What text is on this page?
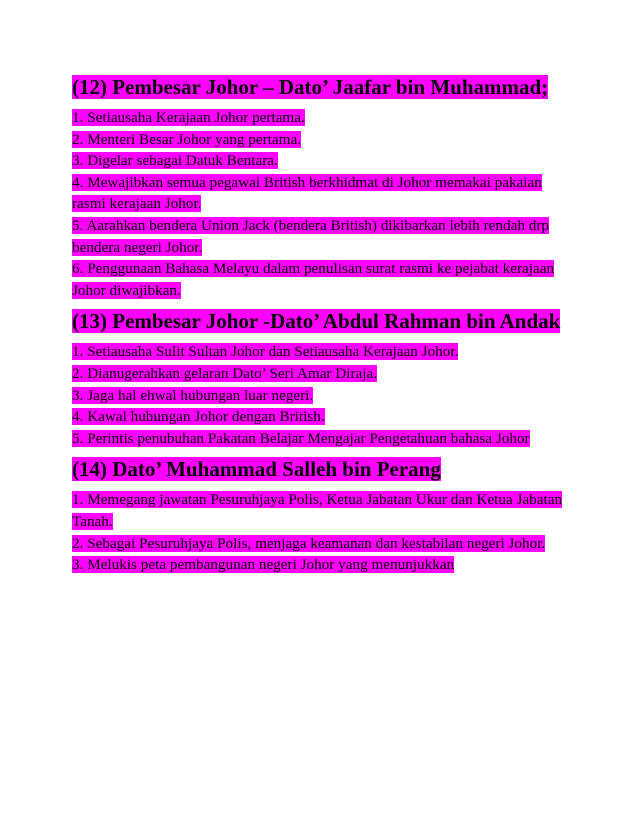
(12) Pembesar Johor – Dato’ Jaafar bin Muhammad;
1. Setiausaha Kerajaan Johor pertama.
2. Menteri Besar Johor yang pertama.
3. Digelar sebagai Datuk Bentara.
4. Mewajibkan semua pegawai British berkhidmat di Johor memakai pakaian rasmi kerajaan Johor.
5. Aarahkan bendera Union Jack (bendera British) dikibarkan lebih rendah drp bendera negeri Johor.
6. Penggunaan Bahasa Melayu dalam penulisan surat rasmi ke pejabat kerajaan Johor diwajibkan.
(13) Pembesar Johor -Dato’ Abdul Rahman bin Andak
1. Setiausaha Sulit Sultan Johor dan Setiausaha Kerajaan Johor.
2. Dianugerahkan gelaran Dato’ Seri Amar Diraja.
3. Jaga hal ehwal hubungan luar negeri.
4. Kawal hubungan Johor dengan British.
5. Perintis penubuhan Pakatan Belajar Mengajar Pengetahuan bahasa Johor
(14) Dato’ Muhammad Salleh bin Perang
1. Memegang jawatan Pesuruhjaya Polis, Ketua Jabatan Ukur dan Ketua Jabatan Tanah.
2. Sebagai Pesuruhjaya Polis, menjaga keamanan dan kestabilan negeri Johor.
3. Melukis peta pembangunan negeri Johor yang menunjukkan
